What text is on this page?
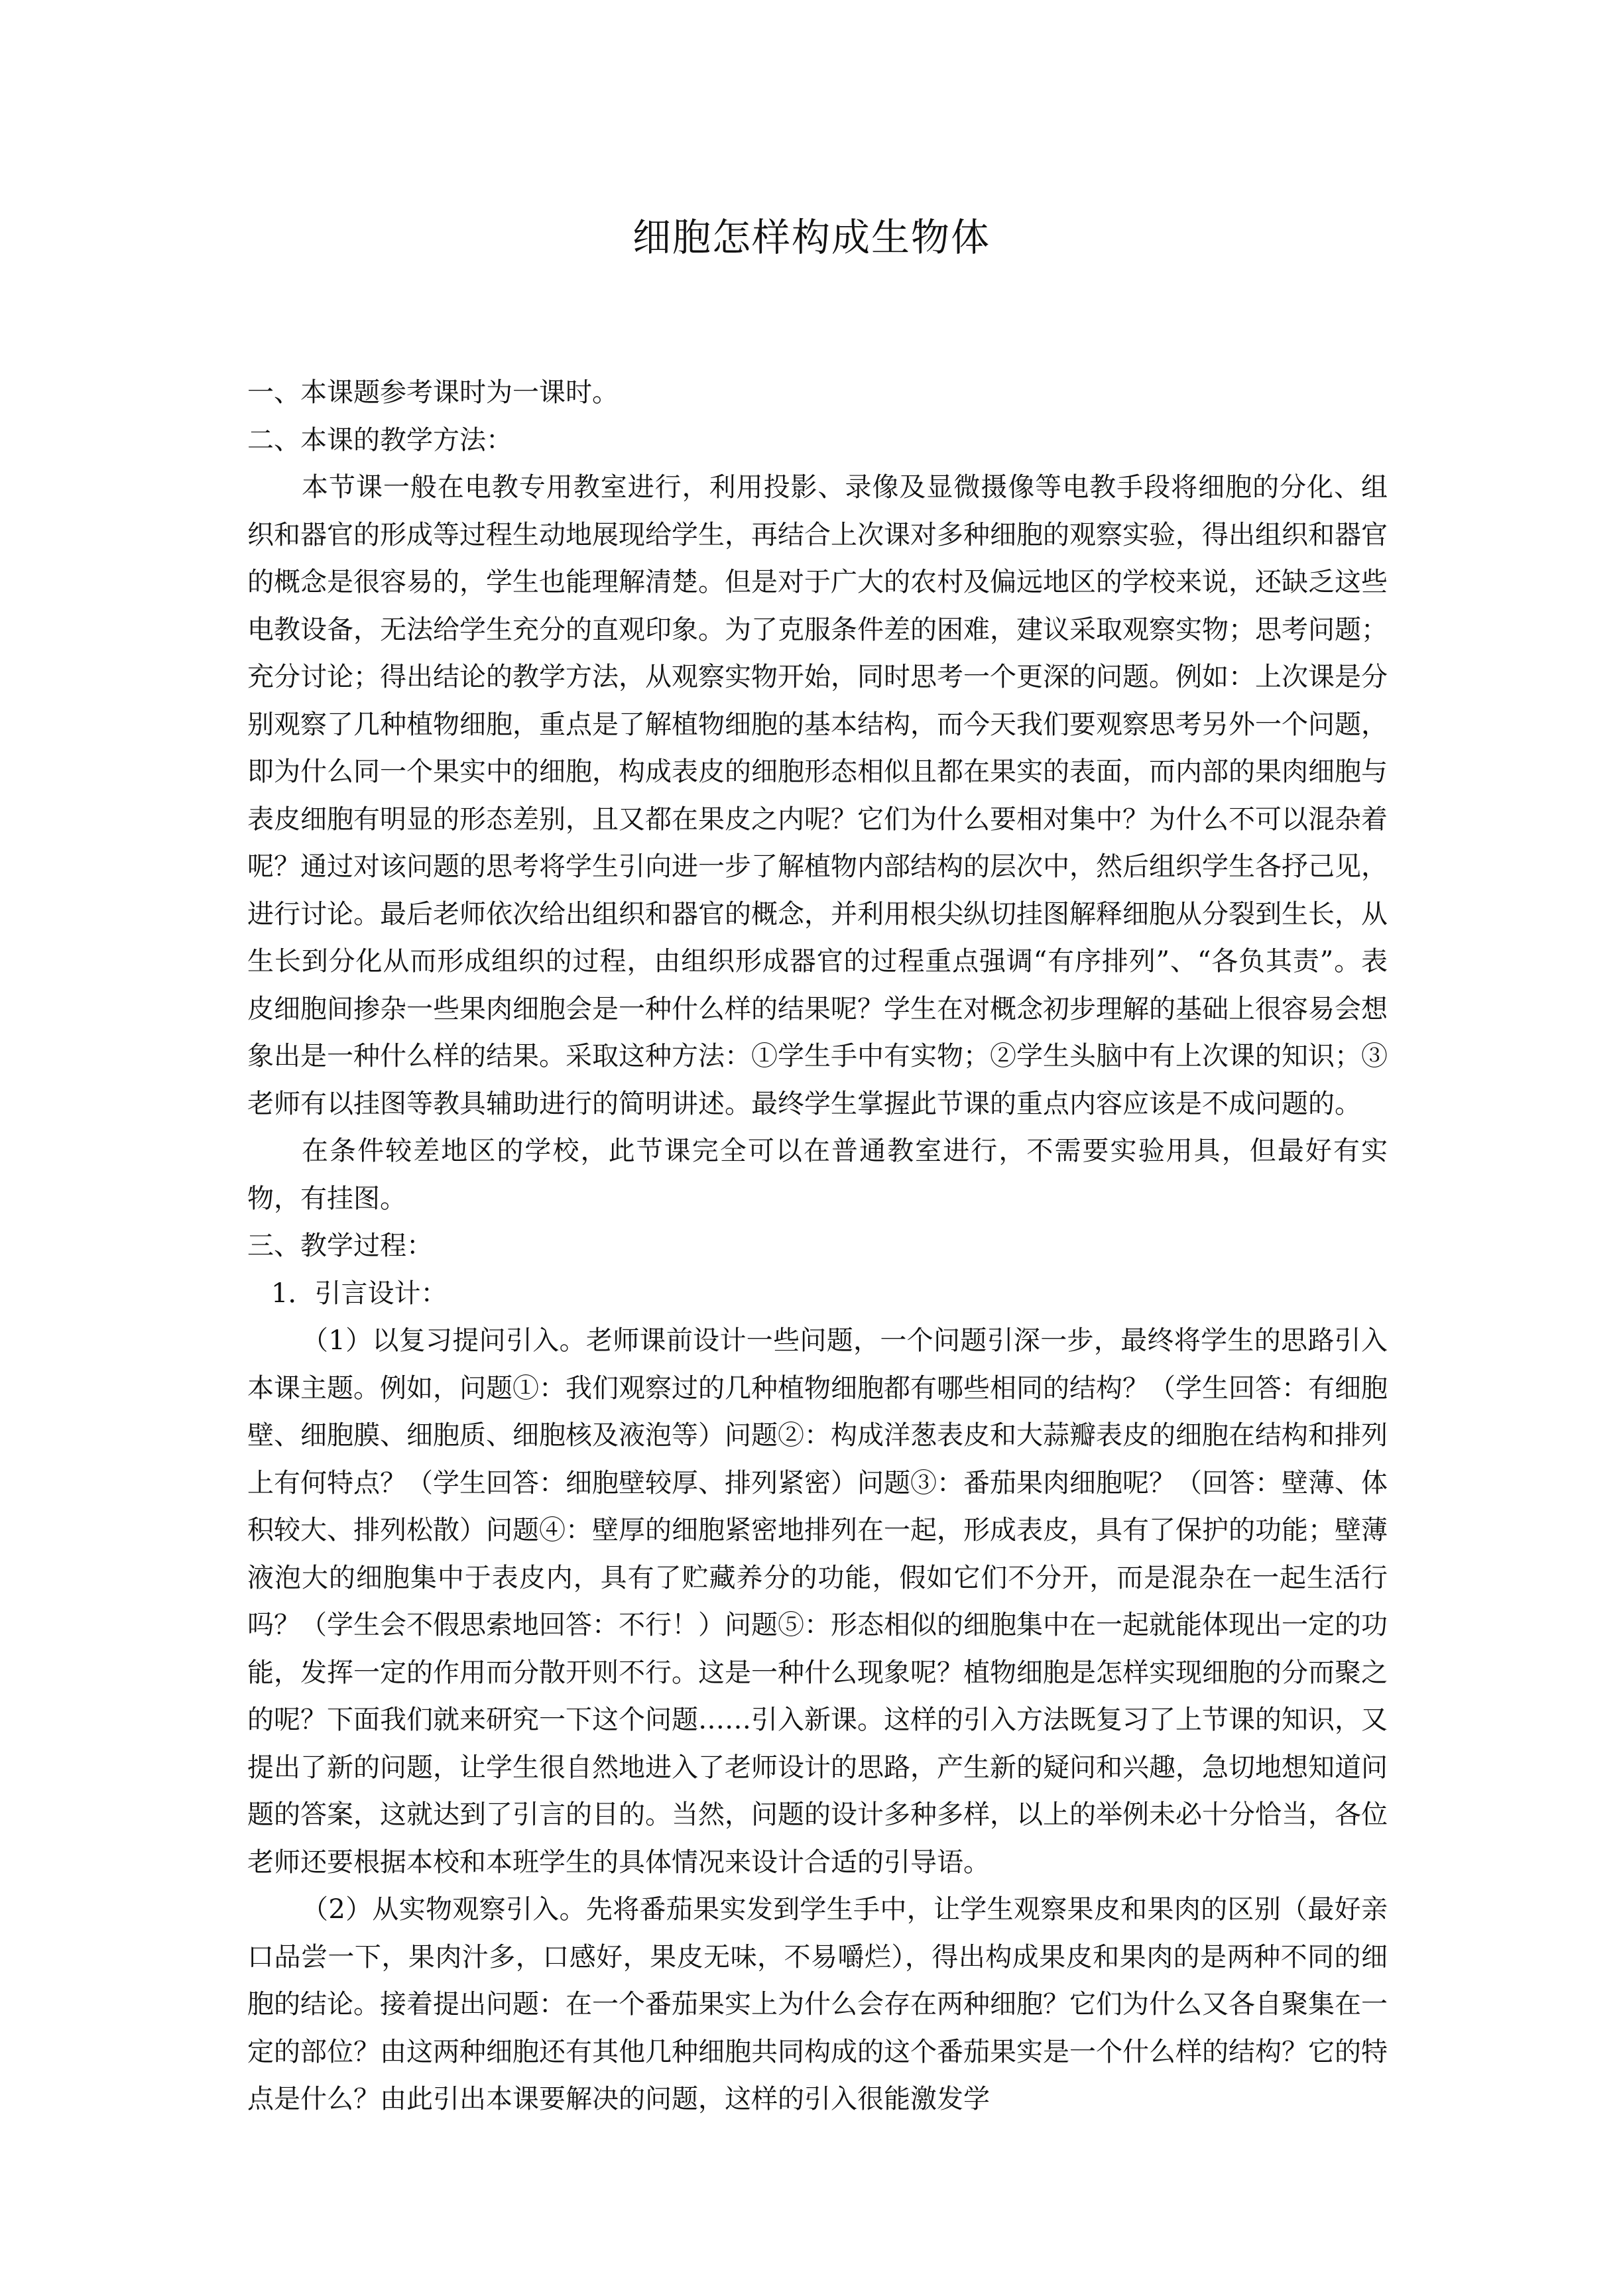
细胞怎样构成生物体

一、本课题参考课时为一课时。

二、本课的教学方法：

本节课一般在电教专用教室进行，利用投影、录像及显微摄像等电教手段将细胞的分化、组织和器官的形成等过程生动地展现给学生，再结合上次课对多种细胞的观察实验，得出组织和器官的概念是很容易的，学生也能理解清楚。但是对于广大的农村及偏远地区的学校来说，还缺乏这些电教设备，无法给学生充分的直观印象。为了克服条件差的困难，建议采取观察实物；思考问题；充分讨论；得出结论的教学方法，从观察实物开始，同时思考一个更深的问题。例如：上次课是分别观察了几种植物细胞，重点是了解植物细胞的基本结构，而今天我们要观察思考另外一个问题，即为什么同一个果实中的细胞，构成表皮的细胞形态相似且都在果实的表面，而内部的果肉细胞与表皮细胞有明显的形态差别，且又都在果皮之内呢？它们为什么要相对集中？为什么不可以混杂着呢？通过对该问题的思考将学生引向进一步了解植物内部结构的层次中，然后组织学生各抒己见，进行讨论。最后老师依次给出组织和器官的概念，并利用根尖纵切挂图解释细胞从分裂到生长，从生长到分化从而形成组织的过程，由组织形成器官的过程重点强调“有序排列”、“各负其责”。表皮细胞间掺杂一些果肉细胞会是一种什么样的结果呢？学生在对概念初步理解的基础上很容易会想象出是一种什么样的结果。采取这种方法：①学生手中有实物；②学生头脑中有上次课的知识；③老师有以挂图等教具辅助进行的简明讲述。最终学生掌握此节课的重点内容应该是不成问题的。

在条件较差地区的学校，此节课完全可以在普通教室进行，不需要实验用具，但最好有实物，有挂图。

三、教学过程：

1．引言设计：

（1）以复习提问引入。老师课前设计一些问题，一个问题引深一步，最终将学生的思路引入本课主题。例如，问题①：我们观察过的几种植物细胞都有哪些相同的结构？（学生回答：有细胞壁、细胞膜、细胞质、细胞核及液泡等）问题②：构成洋葱表皮和大蒜瓣表皮的细胞在结构和排列上有何特点？（学生回答：细胞壁较厚、排列紧密）问题③：番茄果肉细胞呢？（回答：壁薄、体积较大、排列松散）问题④：壁厚的细胞紧密地排列在一起，形成表皮，具有了保护的功能；壁薄液泡大的细胞集中于表皮内，具有了贮藏养分的功能，假如它们不分开，而是混杂在一起生活行吗？（学生会不假思索地回答：不行！）问题⑤：形态相似的细胞集中在一起就能体现出一定的功能，发挥一定的作用而分散开则不行。这是一种什么现象呢？植物细胞是怎样实现细胞的分而聚之的呢？下面我们就来研究一下这个问题……引入新课。这样的引入方法既复习了上节课的知识，又提出了新的问题，让学生很自然地进入了老师设计的思路，产生新的疑问和兴趣，急切地想知道问题的答案，这就达到了引言的目的。当然，问题的设计多种多样，以上的举例未必十分恰当，各位老师还要根据本校和本班学生的具体情况来设计合适的引导语。

（2）从实物观察引入。先将番茄果实发到学生手中，让学生观察果皮和果肉的区别（最好亲口品尝一下，果肉汁多，口感好，果皮无味，不易嚼烂），得出构成果皮和果肉的是两种不同的细胞的结论。接着提出问题：在一个番茄果实上为什么会存在两种细胞？它们为什么又各自聚集在一定的部位？由这两种细胞还有其他几种细胞共同构成的这个番茄果实是一个什么样的结构？它的特点是什么？由此引出本课要解决的问题，这样的引入很能激发学
